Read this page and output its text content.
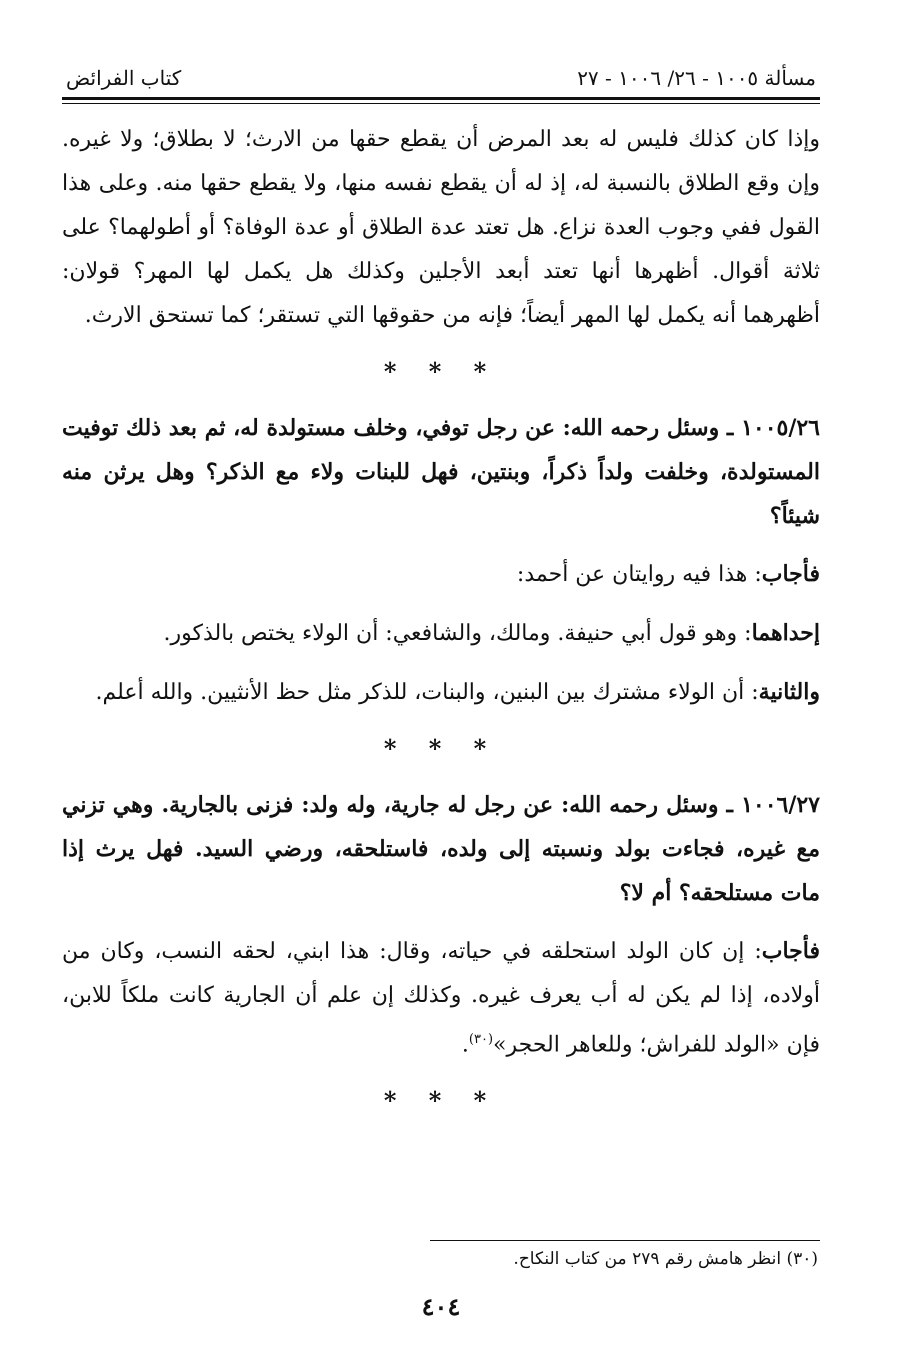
مسألة ١٠٠٥ - ٢٦/ ١٠٠٦ - ٢٧
كتاب الفرائض

وإذا كان كذلك فليس له بعد المرض أن يقطع حقها من الارث؛ لا بطلاق؛ ولا غيره. وإن وقع الطلاق بالنسبة له، إذ له أن يقطع نفسه منها، ولا يقطع حقها منه. وعلى هذا القول ففي وجوب العدة نزاع. هل تعتد عدة الطلاق أو عدة الوفاة؟ أو أطولهما؟ على ثلاثة أقوال. أظهرها أنها تعتد أبعد الأجلين وكذلك هل يكمل لها المهر؟ قولان: أظهرهما أنه يكمل لها المهر أيضاً؛ فإنه من حقوقها التي تستقر؛ كما تستحق الارث.

* * *

١٠٠٥/٢٦ ـ وسئل رحمه الله: عن رجل توفي، وخلف مستولدة له، ثم بعد ذلك توفيت المستولدة، وخلفت ولداً ذكراً، وبنتين، فهل للبنات ولاء مع الذكر؟ وهل يرثن منه شيئاً؟

فأجاب: هذا فيه روايتان عن أحمد:

إحداهما: وهو قول أبي حنيفة. ومالك، والشافعي: أن الولاء يختص بالذكور.

والثانية: أن الولاء مشترك بين البنين، والبنات، للذكر مثل حظ الأنثيين. والله أعلم.

* * *

١٠٠٦/٢٧ ـ وسئل رحمه الله: عن رجل له جارية، وله ولد: فزنى بالجارية. وهي تزني مع غيره، فجاءت بولد ونسبته إلى ولده، فاستلحقه، ورضي السيد. فهل يرث إذا مات مستلحقه؟ أم لا؟

فأجاب: إن كان الولد استحلقه في حياته، وقال: هذا ابني، لحقه النسب، وكان من أولاده، إذا لم يكن له أب يعرف غيره. وكذلك إن علم أن الجارية كانت ملكاً للابن، فإن «الولد للفراش؛ وللعاهر الحجر»$^{(٣٠)}$.

* * *
(٣٠) انظر هامش رقم ٢٧٩ من كتاب النكاح.
٤٠٤
